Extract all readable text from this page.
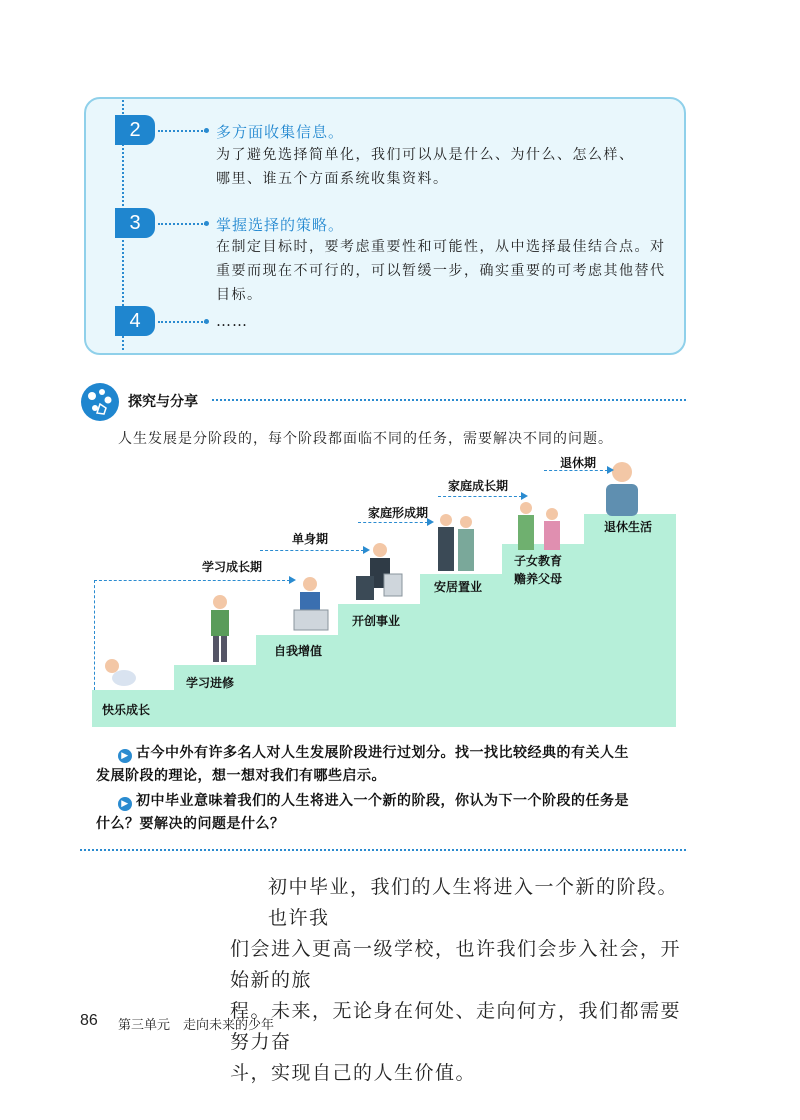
2	多方面收集信息。
为了避免选择简单化，我们可以从是什么、为什么、怎么样、
哪里、谁五个方面系统收集资料。
3	掌握选择的策略。
在制定目标时，要考虑重要性和可能性，从中选择最佳结合点。对
重要而现在不可行的，可以暂缓一步，确实重要的可考虑其他替代
目标。
4	……
探究与分享
人生发展是分阶段的，每个阶段都面临不同的任务，需要解决不同的问题。
快乐成长
学习进修
自我增值
开创事业
安居置业
子女教育
赡养父母
退休生活
学习成长期
单身期
家庭形成期
家庭成长期
退休期
▶ 古今中外有许多名人对人生发展阶段进行过划分。找一找比较经典的有关人生
发展阶段的理论，想一想对我们有哪些启示。
▶ 初中毕业意味着我们的人生将进入一个新的阶段，你认为下一个阶段的任务是
什么？要解决的问题是什么？
初中毕业，我们的人生将进入一个新的阶段。也许我
们会进入更高一级学校，也许我们会步入社会，开始新的旅
程。未来，无论身在何处、走向何方，我们都需要努力奋
斗，实现自己的人生价值。
86 第三单元 走向未来的少年
